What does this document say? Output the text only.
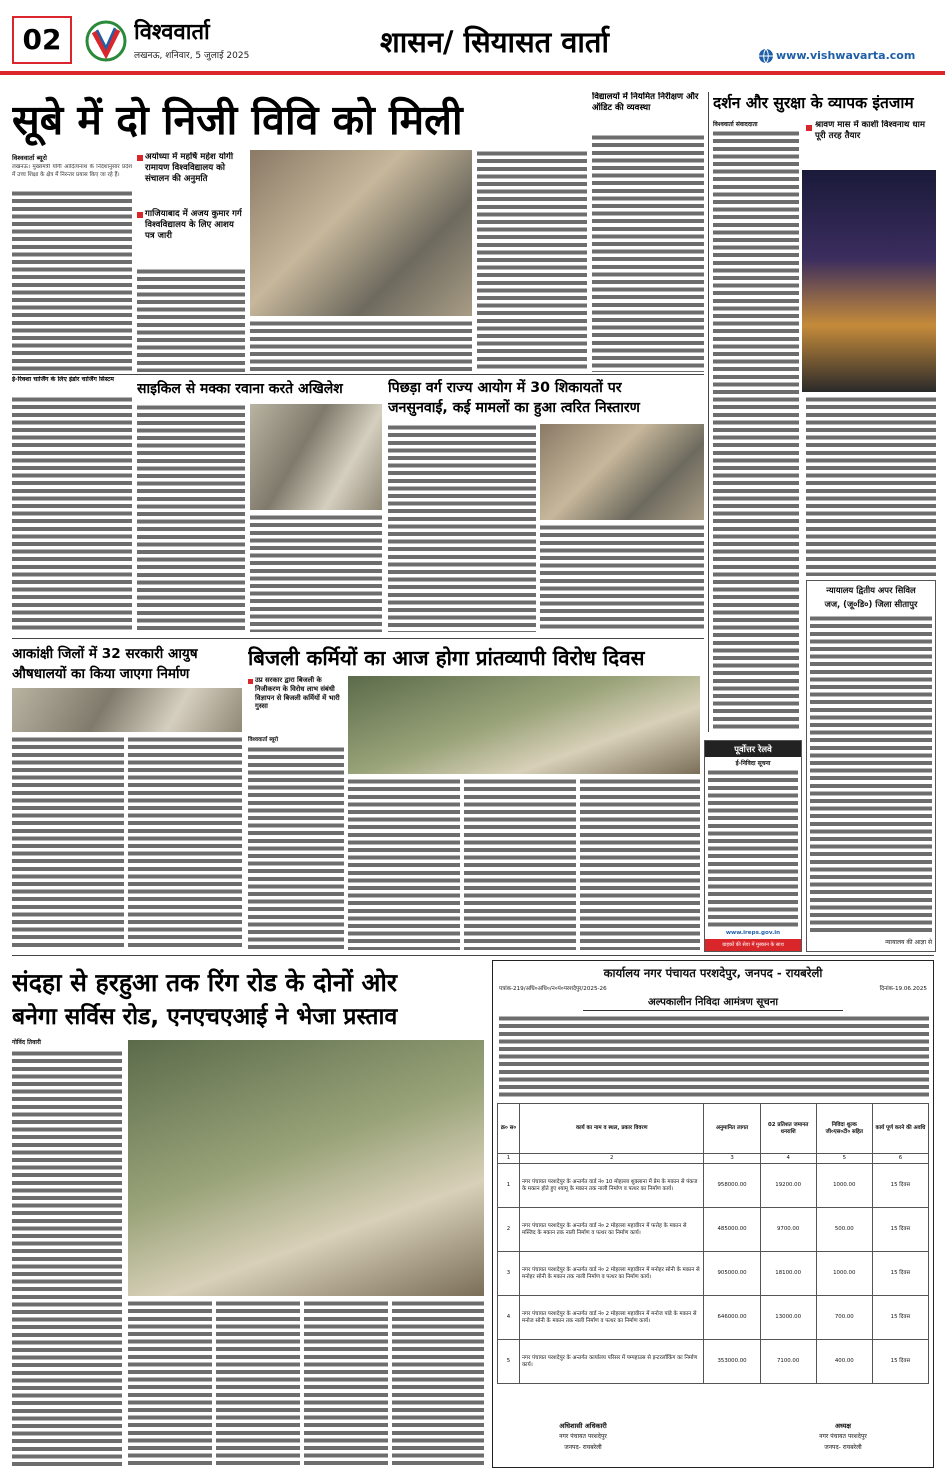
02	विश्ववार्ता
लखनऊ, शनिवार, 5 जुलाई 2025	शासन/ सियासत वार्ता	www.vishwavarta.com
सूबे में दो निजी विवि को मिली
विश्ववार्ता ब्यूरो
लखनऊ। मुख्यमंत्री योगी आदित्यनाथ के निर्देशानुसार प्रदेश में उच्च शिक्षा के क्षेत्र में निरन्तर प्रयास किए जा रहे हैं।
अयोध्या में महर्षि महेश योगी रामायण विश्वविद्यालय को संचालन की अनुमति
गाजियाबाद में अजय कुमार गर्ग विश्वविद्यालय के लिए आशय पत्र जारी
ई-रिक्शा चार्जिंग के लिए इंडोर चार्जिंग सिस्टम
विद्यालयों में नियमित निरीक्षण और ऑडिट की व्यवस्था	दर्शन और सुरक्षा के व्यापक इंतजाम
विश्ववार्ता संवाददाता	श्रावण मास में काशी विश्वनाथ धाम पूरी तरह तैयार
साइकिल से मक्का रवाना करते अखिलेश	पिछड़ा वर्ग राज्य आयोग में 30 शिकायतों पर
जनसुनवाई, कई मामलों का हुआ त्वरित निस्तारण
आकांक्षी जिलों में 32 सरकारी आयुष
औषधालयों का किया जाएगा निर्माण
बिजली कर्मियों का आज होगा प्रांतव्यापी विरोध दिवस
उप्र सरकार द्वारा बिजली के निजीकरण के विरोध लाभ संबंधी विज्ञापन से बिजली कर्मियों में भारी गुस्सा
विश्ववार्ता ब्यूरो
न्यायालय द्वितीय अपर सिविल
जज, (जू०डि०) जिला सीतापुर
न्यायालय की आज्ञा से
पूर्वोत्तर रेलवे
ई-निविदा सूचना
www.ireps.gov.in
ग्राहकों की सेवा में मुस्कान के साथ
संदहा से हरहुआ तक रिंग रोड के दोनों ओर
बनेगा सर्विस रोड, एनएचएआई ने भेजा प्रस्ताव
गोविंद तिवारी
कार्यालय नगर पंचायत परशदेपुर, जनपद - रायबरेली
पत्रांक-219/अधि०अधि०/न०पं०परशदेपुर/2025-26	दिनांक-19.06.2025
अल्पकालीन निविदा आमंत्रण सूचना
क्र० स०	कार्य का नाम व स्थल, प्रकार विवरण	अनुमानित लागत	02 प्रतिशत जमानत धनराशि	निविदा शुल्क जी०एस०टी० सहित	कार्य पूर्ण करने की अवधि
1	2	3	4	5	6
1	नगर पंचायत परशदेपुर के अन्तर्गत वार्ड नं० 10 मोहल्ला शुक्लाना में प्रेम के मकान से पंकज के मकान होते हुए श्यामू के मकान तक नाली निर्माण व पत्थर का निर्माण कार्य।	958000.00	19200.00	1000.00	15 दिवस
2	नगर पंचायत परशदेपुर के अन्तर्गत वार्ड नं० 2 मोहल्ला महावीरन में फत्तेह के मकान से मस्जिद के मकान तक नाली निर्माण व पत्थर का निर्माण कार्य।	485000.00	9700.00	500.00	15 दिवस
3	नगर पंचायत परशदेपुर के अन्तर्गत वार्ड नं० 2 मोहल्ला महावीरन में मनोहर सोनी के मकान से मनोहर सोनी के मकान तक नाली निर्माण व पत्थर का निर्माण कार्य।	905000.00	18100.00	1000.00	15 दिवस
4	नगर पंचायत परशदेपुर के अन्तर्गत वार्ड नं० 2 मोहल्ला महावीरन में मनोज पांडे के मकान से मनोज सोनी के मकान तक नाली निर्माण व पत्थर का निर्माण कार्य।	646000.00	13000.00	700.00	15 दिवस
5	नगर पंचायत परशदेपुर के अन्तर्गत कार्यालय परिसर में पम्पहाउस से इन्टरलॉकिंग का निर्माण कार्य।	353000.00	7100.00	400.00	15 दिवस
अधिशासी अधिकारी
नगर पंचायत परशदेपुर
जनपद- रायबरेली
अध्यक्ष
नगर पंचायत परशदेपुर
जनपद- रायबरेली
